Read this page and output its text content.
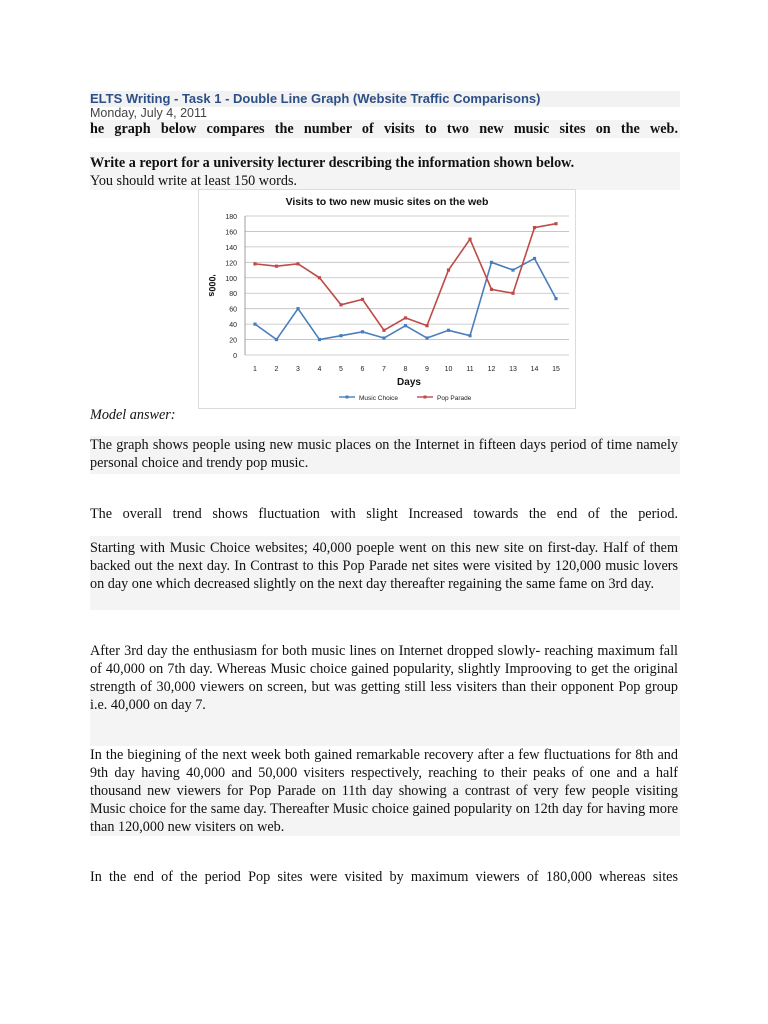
ELTS Writing - Task 1 - Double Line Graph (Website Traffic Comparisons)
Monday, July 4, 2011
he graph below compares the number of visits to two new music sites on the web.
Write a report for a university lecturer describing the information shown below.
You should write at least 150 words.
Visits to two new music sites on the web
0
20
40
60
80
100
120
140
160
180
1	2	3	4	5	6	7	8	9 10 11 12 13 14 15
Days
'000s
Music Choice	Pop Parade
Model answer:
The graph shows people using new music places on the Internet in fifteen days period of time namely personal choice and trendy pop music.
The overall trend shows fluctuation with slight Increased towards the end of the period.
Starting with Music Choice websites; 40,000 poeple went on this new site on first-day. Half of them backed out the next day. In Contrast to this Pop Parade net sites were visited by 120,000 music lovers on day one which decreased slightly on the next day thereafter regaining the same fame on 3rd day.
After 3rd day the enthusiasm for both music lines on Internet dropped slowly- reaching maximum fall of 40,000 on 7th day. Whereas Music choice gained popularity, slightly Improoving to get the original strength of 30,000 viewers on screen, but was getting still less visiters than their opponent Pop group i.e. 40,000 on day 7.
In the biegining of the next week both gained remarkable recovery after a few fluctuations for 8th and 9th day having 40,000 and 50,000 visiters respectively, reaching to their peaks of one and a half thousand new viewers for Pop Parade on 11th day showing a contrast of very few people visiting Music choice for the same day. Thereafter Music choice gained popularity on 12th day for having more than 120,000 new visiters on web.
In the end of the period Pop sites were visited by maximum viewers of 180,000 whereas sites
